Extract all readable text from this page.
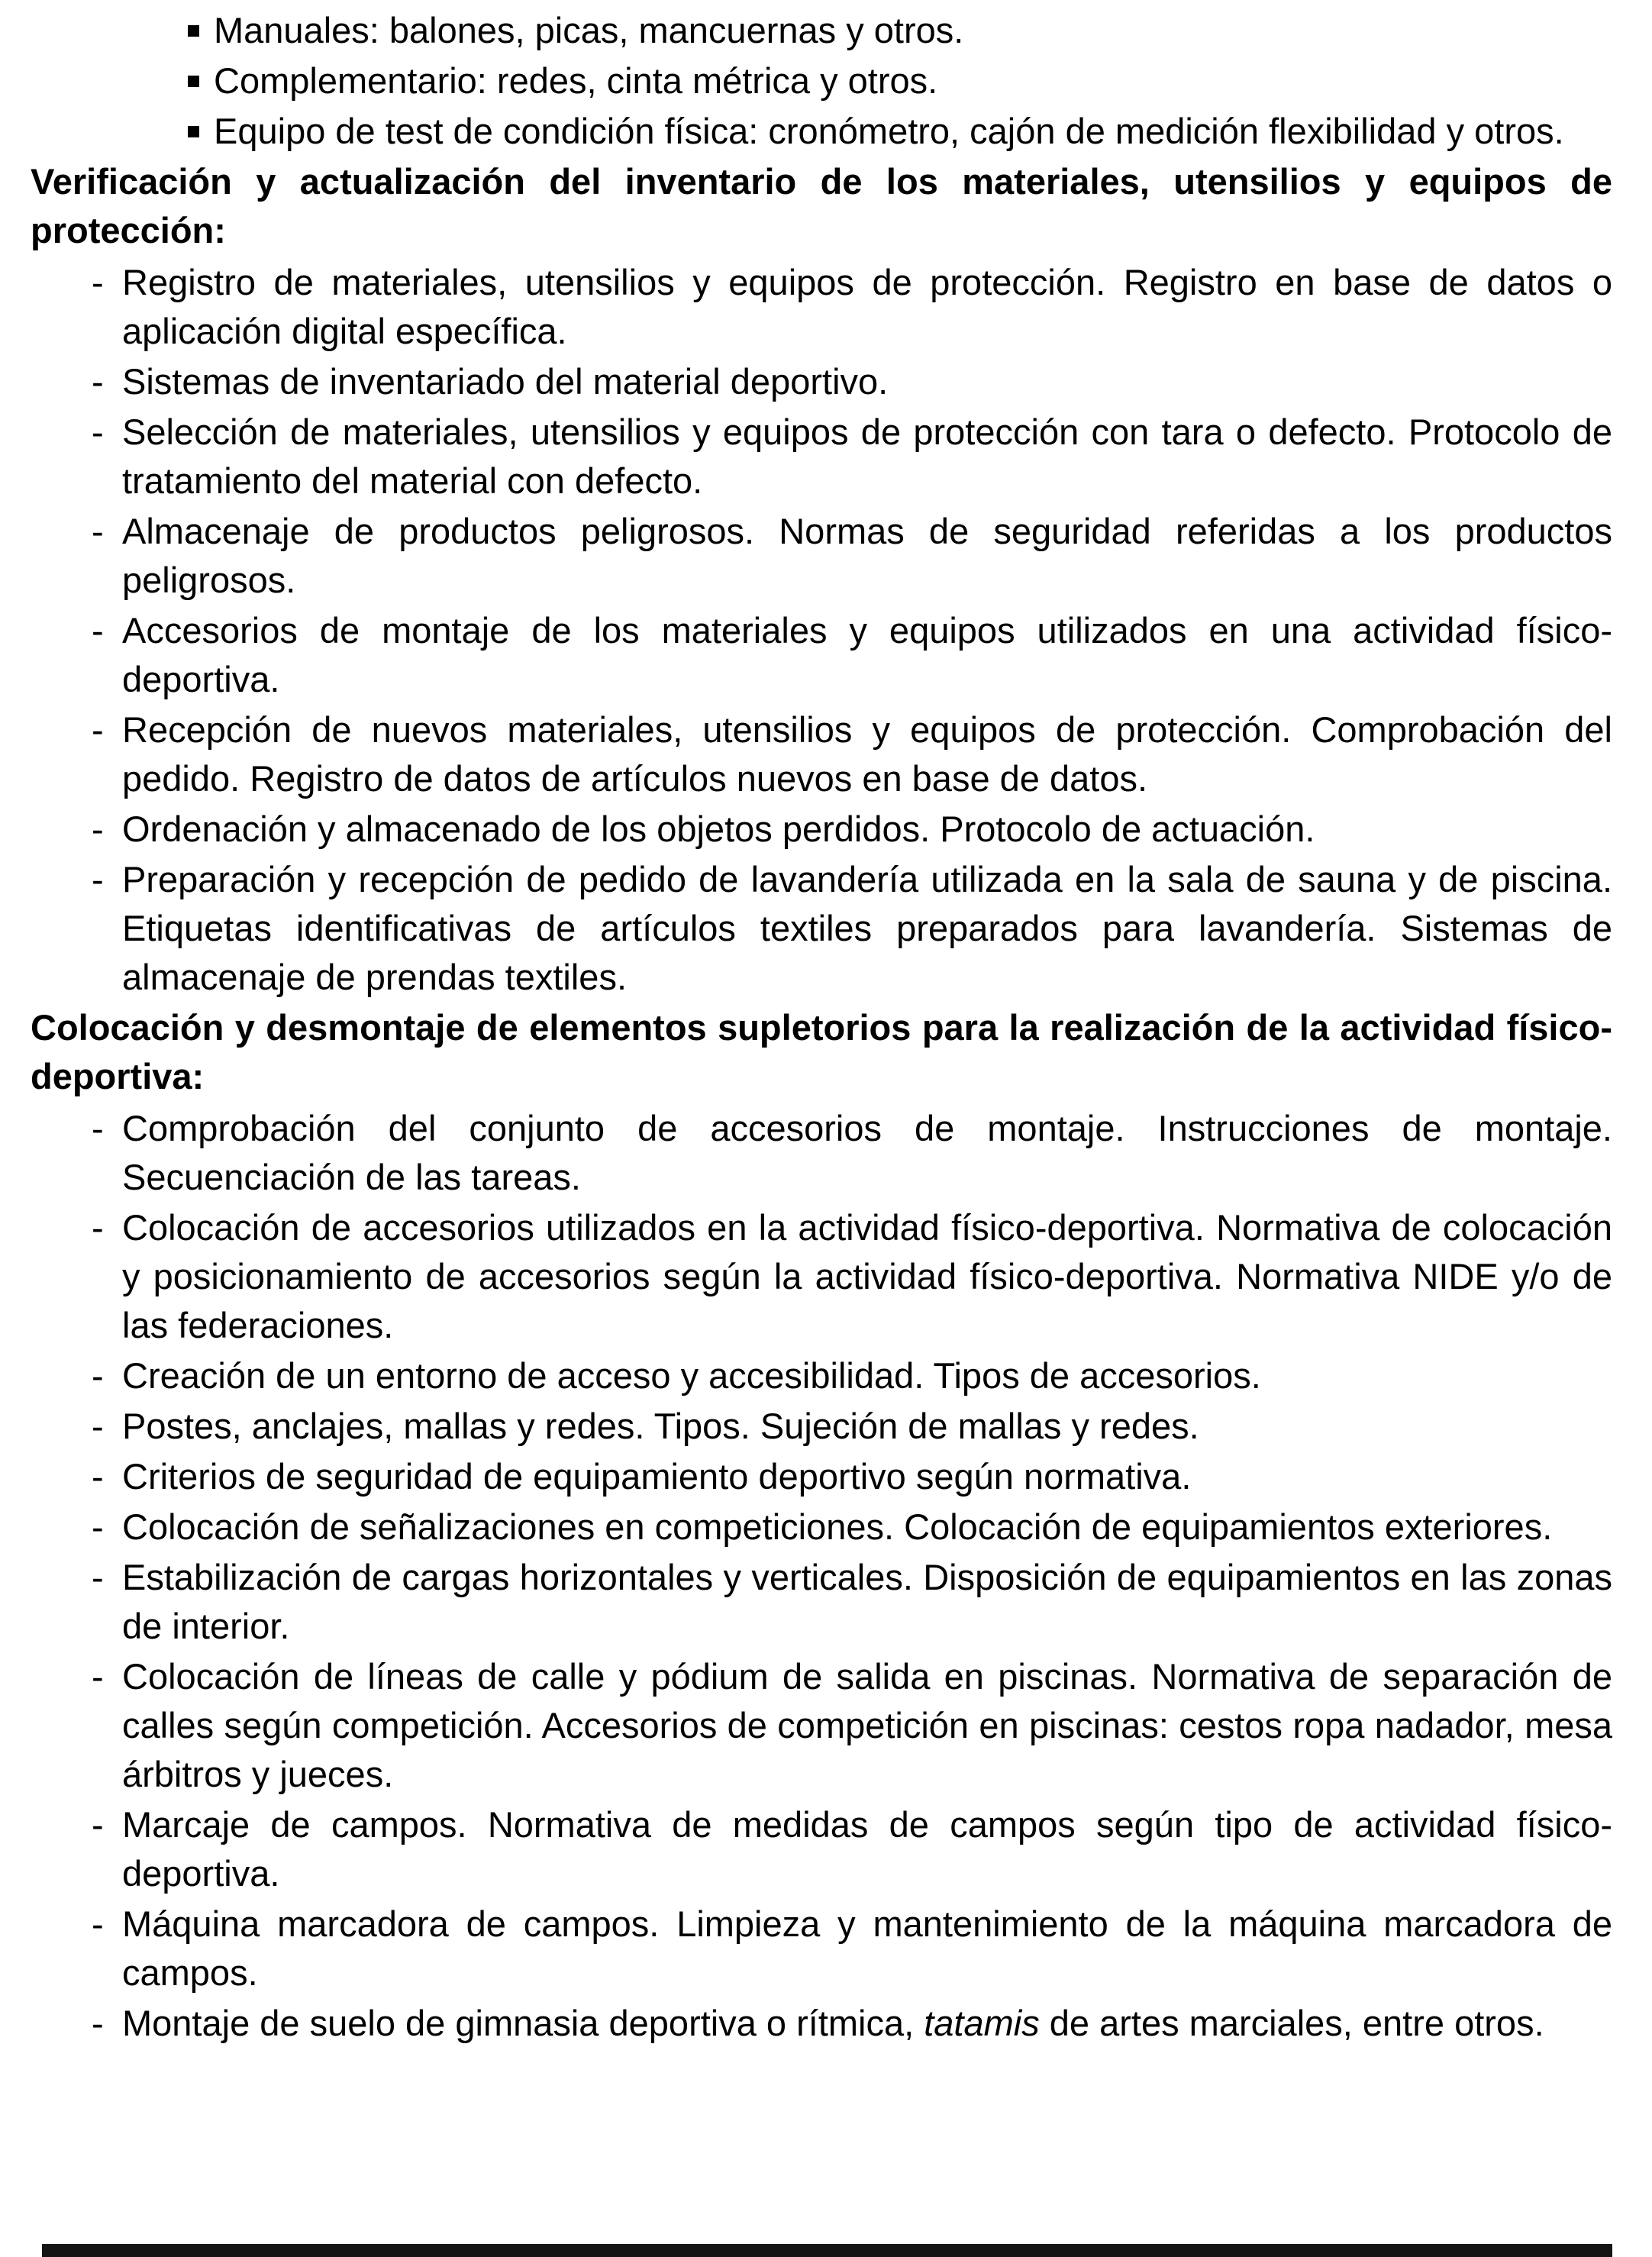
Manuales: balones, picas, mancuernas y otros.
Complementario: redes, cinta métrica y otros.
Equipo de test de condición física: cronómetro, cajón de medición flexibilidad y otros.
Verificación y actualización del inventario de los materiales, utensilios y equipos de protección:
- Registro de materiales, utensilios y equipos de protección. Registro en base de datos o aplicación digital específica.
- Sistemas de inventariado del material deportivo.
- Selección de materiales, utensilios y equipos de protección con tara o defecto. Protocolo de tratamiento del material con defecto.
- Almacenaje de productos peligrosos. Normas de seguridad referidas a los productos peligrosos.
- Accesorios de montaje de los materiales y equipos utilizados en una actividad físico-deportiva.
- Recepción de nuevos materiales, utensilios y equipos de protección. Comprobación del pedido. Registro de datos de artículos nuevos en base de datos.
- Ordenación y almacenado de los objetos perdidos. Protocolo de actuación.
- Preparación y recepción de pedido de lavandería utilizada en la sala de sauna y de piscina. Etiquetas identificativas de artículos textiles preparados para lavandería. Sistemas de almacenaje de prendas textiles.
Colocación y desmontaje de elementos supletorios para la realización de la actividad físico-deportiva:
- Comprobación del conjunto de accesorios de montaje. Instrucciones de montaje. Secuenciación de las tareas.
- Colocación de accesorios utilizados en la actividad físico-deportiva. Normativa de colocación y posicionamiento de accesorios según la actividad físico-deportiva. Normativa NIDE y/o de las federaciones.
- Creación de un entorno de acceso y accesibilidad. Tipos de accesorios.
- Postes, anclajes, mallas y redes. Tipos. Sujeción de mallas y redes.
- Criterios de seguridad de equipamiento deportivo según normativa.
- Colocación de señalizaciones en competiciones. Colocación de equipamientos exteriores.
- Estabilización de cargas horizontales y verticales. Disposición de equipamientos en las zonas de interior.
- Colocación de líneas de calle y pódium de salida en piscinas. Normativa de separación de calles según competición. Accesorios de competición en piscinas: cestos ropa nadador, mesa árbitros y jueces.
- Marcaje de campos. Normativa de medidas de campos según tipo de actividad físico-deportiva.
- Máquina marcadora de campos. Limpieza y mantenimiento de la máquina marcadora de campos.
- Montaje de suelo de gimnasia deportiva o rítmica, tatamis de artes marciales, entre otros.
